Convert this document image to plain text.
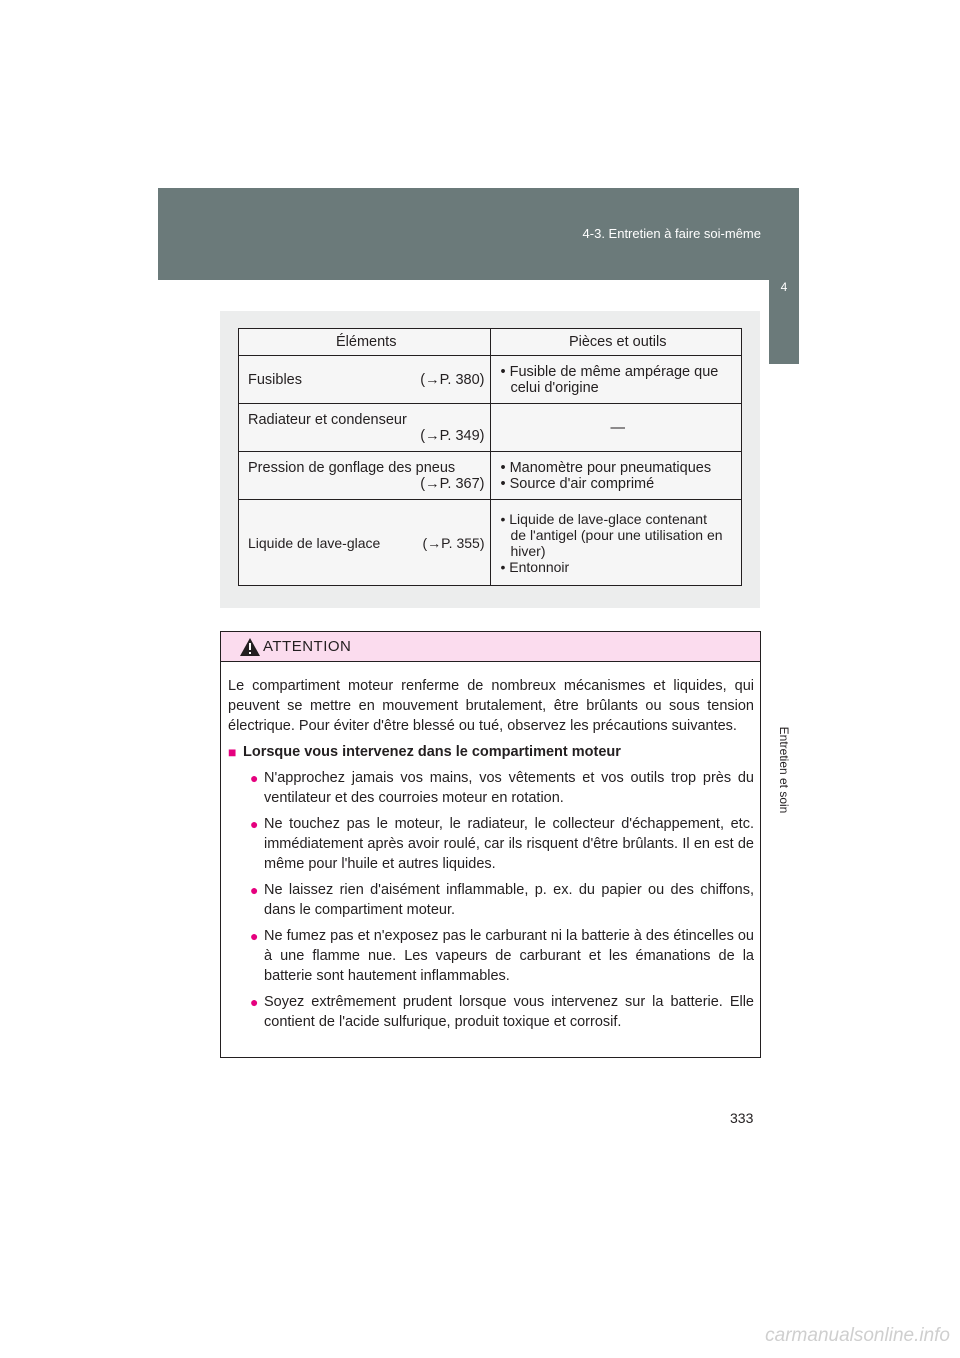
4-3. Entretien à faire soi-même
4
Entretien et soin
Éléments	Pièces et outils

Fusibles (→P. 380)	• Fusible de même ampérage que
celui d'origine

Radiateur et condenseur
(→P. 349)	—

Pression de gonflage des pneus
(→P. 367)	• Manomètre pour pneumatiques
• Source d'air comprimé

Liquide de lave-glace (→P. 355)	• Liquide de lave-glace contenant
de l'antigel (pour une utilisation en
hiver)
• Entonnoir
ATTENTION

Le compartiment moteur renferme de nombreux mécanismes et liquides, qui peuvent se mettre en mouvement brutalement, être brûlants ou sous tension électrique. Pour éviter d'être blessé ou tué, observez les précautions suivantes.

■ Lorsque vous intervenez dans le compartiment moteur
● N'approchez jamais vos mains, vos vêtements et vos outils trop près du ventilateur et des courroies moteur en rotation.
● Ne touchez pas le moteur, le radiateur, le collecteur d'échappement, etc. immédiatement après avoir roulé, car ils risquent d'être brûlants. Il en est de même pour l'huile et autres liquides.
● Ne laissez rien d'aisément inflammable, p. ex. du papier ou des chiffons, dans le compartiment moteur.
● Ne fumez pas et n'exposez pas le carburant ni la batterie à des étincelles ou à une flamme nue. Les vapeurs de carburant et les émanations de la batterie sont hautement inflammables.
● Soyez extrêmement prudent lorsque vous intervenez sur la batterie. Elle contient de l'acide sulfurique, produit toxique et corrosif.
333
carmanualsonline.info
